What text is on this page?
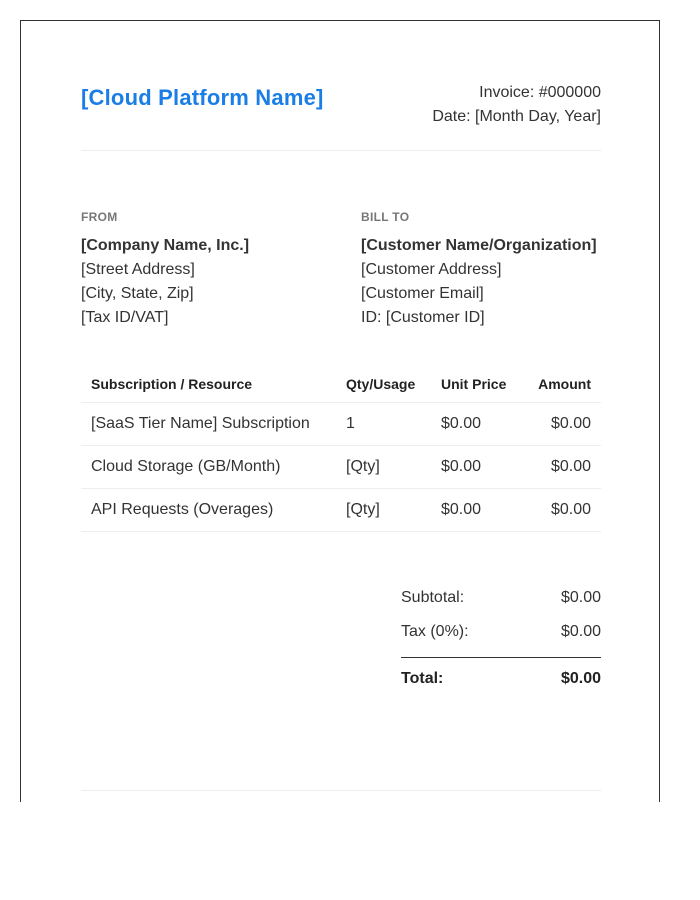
[Cloud Platform Name]	Invoice: #000000
Date: [Month Day, Year]
FROM
[Company Name, Inc.]
[Street Address]
[City, State, Zip]
[Tax ID/VAT]
BILL TO
[Customer Name/Organization]
[Customer Address]
[Customer Email]
ID: [Customer ID]
Subscription / Resource	Qty/Usage	Unit Price	Amount
[SaaS Tier Name] Subscription	1	$0.00	$0.00
Cloud Storage (GB/Month)	[Qty]	$0.00	$0.00
API Requests (Overages)	[Qty]	$0.00	$0.00
Subtotal:	$0.00
Tax (0%):	$0.00
Total:	$0.00
